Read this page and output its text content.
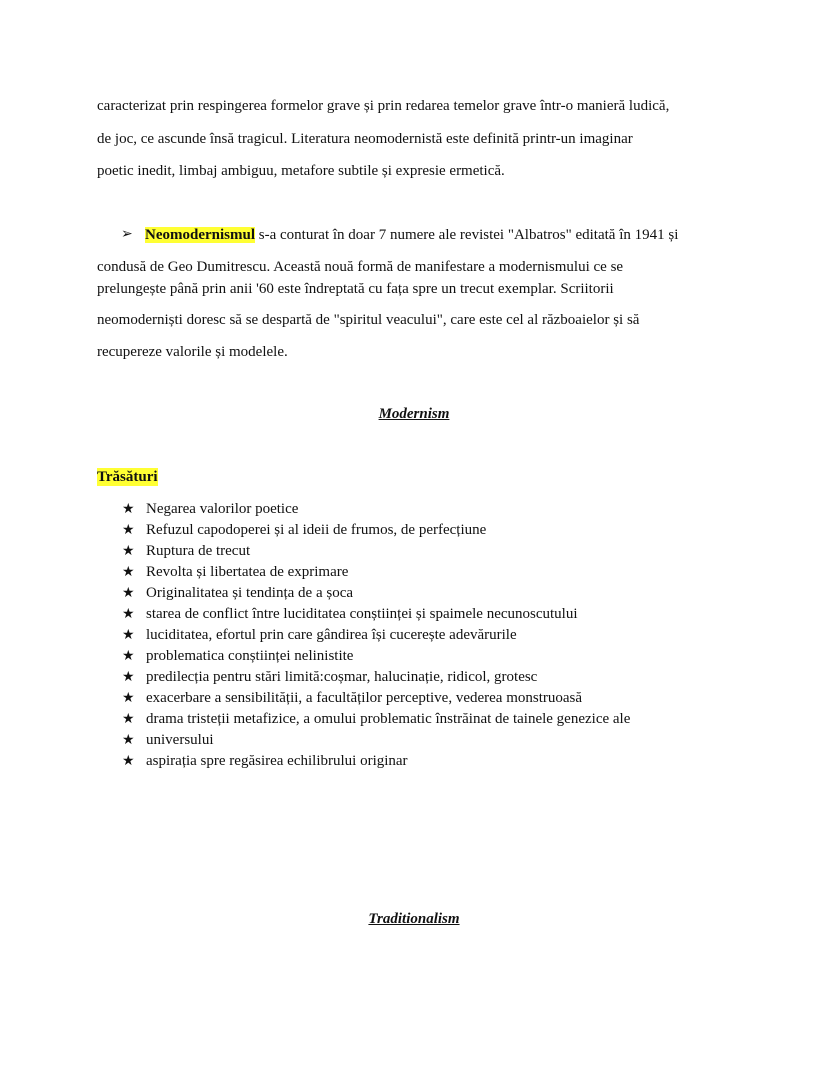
caracterizat prin respingerea formelor grave și prin redarea temelor grave într-o manieră ludică,
de joc, ce ascunde însă tragicul. Literatura neomodernistă este definită printr-un imaginar
poetic inedit, limbaj ambiguu, metafore subtile și expresie ermetică.
➢ Neomodernismul s-a conturat în doar 7 numere ale revistei "Albatros" editată în 1941 și
condusă de Geo Dumitrescu. Această nouă formă de manifestare a modernismului ce se
prelungește până prin anii '60 este îndreptată cu fața spre un trecut exemplar. Scriitorii
neomoderniști doresc să se despartă de "spiritul veacului", care este cel al războaielor și să
recupereze valorile și modelele.
Modernism
Trăsături
★ Negarea valorilor poetice
★ Refuzul capodoperei și al ideii de frumos, de perfecțiune
★ Ruptura de trecut
★ Revolta și libertatea de exprimare
★ Originalitatea și tendința de a șoca
★ starea de conflict între luciditatea conștiinței și spaimele necunoscutului
★ luciditatea, efortul prin care gândirea își cucerește adevărurile
★ problematica conștiinței nelinistite
★ predilecția pentru stări limită:coșmar, halucinație, ridicol, grotesc
★ exacerbare a sensibilității, a facultăților perceptive, vederea monstruoasă
★ drama tristeții metafizice, a omului problematic înstrăinat de tainele genezice ale
★ universului
★ aspirația spre regăsirea echilibrului originar
Traditionalism
